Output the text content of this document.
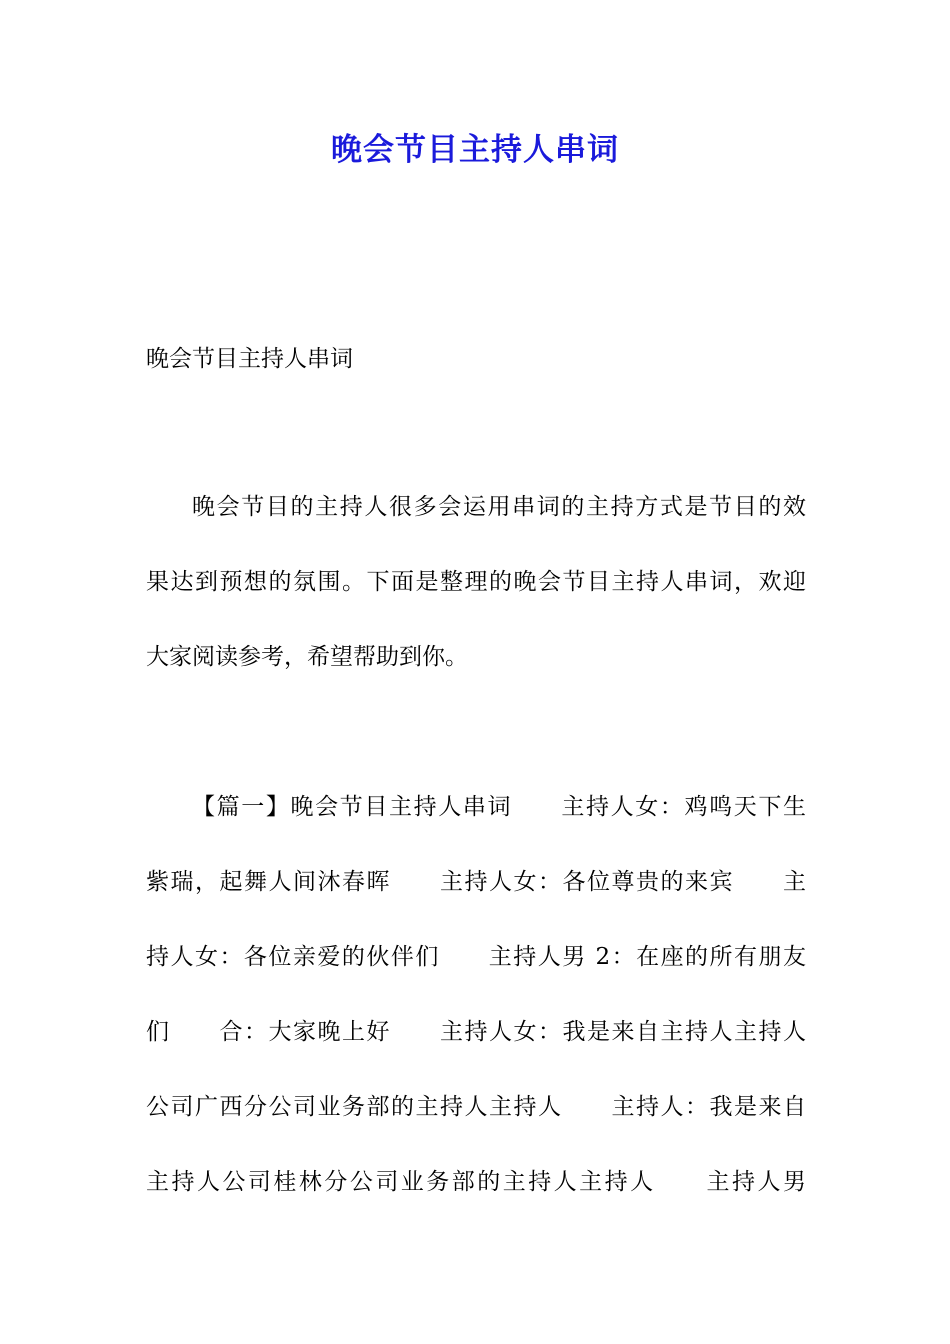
晚会节目主持人串词
晚会节目主持人串词
晚会节目的主持人很多会运用串词的主持方式是节目的效
果达到预想的氛围。下面是整理的晚会节目主持人串词，欢迎
大家阅读参考，希望帮助到你。
【篇一】晚会节目主持人串词　　主持人女：鸡鸣天下生
紫瑞，起舞人间沐春晖　　主持人女：各位尊贵的来宾　　主
持人女：各位亲爱的伙伴们　　主持人男 2：在座的所有朋友
们　　合：大家晚上好　　主持人女：我是来自主持人主持人
公司广西分公司业务部的主持人主持人　　主持人：我是来自
主持人公司桂林分公司业务部的主持人主持人　　主持人男
